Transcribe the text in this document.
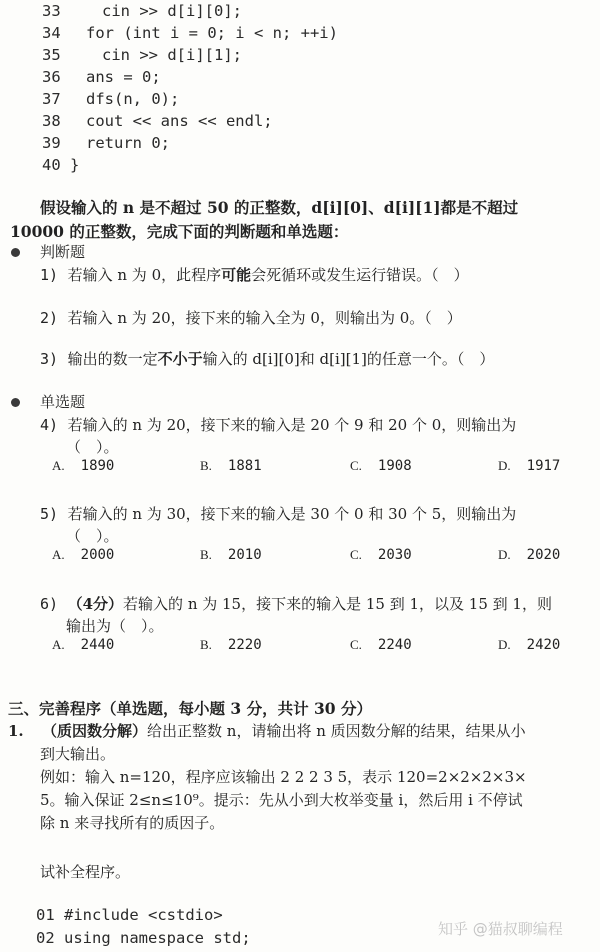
33	cin >> d[i][0];
34 for (int i = 0; i < n; ++i)
35	cin >> d[i][1];
36 ans = 0;
37 dfs(n, 0);
38 cout << ans << endl;
39 return 0;
40 }
假设输入的 n 是不超过 50 的正整数，d[i][0]、d[i][1]都是不超过
10000 的正整数，完成下面的判断题和单选题：
判断题
1) 若输入 n 为 0，此程序可能会死循环或发生运行错误。（　）
2) 若输入 n 为 20，接下来的输入全为 0，则输出为 0。（　）
3) 输出的数一定不小于输入的 d[i][0]和 d[i][1]的任意一个。（　）
单选题
4) 若输入的 n 为 20，接下来的输入是 20 个 9 和 20 个 0，则输出为
（　）。
A. 1890	B. 1881	C. 1908	D. 1917
5) 若输入的 n 为 30，接下来的输入是 30 个 0 和 30 个 5，则输出为
（　）。
A. 2000	B. 2010	C. 2030	D. 2020
6) （4分）若输入的 n 为 15，接下来的输入是 15 到 1，以及 15 到 1，则
输出为（　）。
A. 2440	B. 2220	C. 2240	D. 2420
三、完善程序（单选题，每小题 3 分，共计 30 分）
1. （质因数分解）给出正整数 n，请输出将 n 质因数分解的结果，结果从小
到大输出。
例如：输入 n=120，程序应该输出 2 2 2 3 5，表示 120=2×2×2×3×
5。输入保证 2≤n≤10⁹。提示：先从小到大枚举变量 i，然后用 i 不停试
除 n 来寻找所有的质因子。
试补全程序。
01 #include <cstdio>
02 using namespace std;	知乎 @猫叔聊编程
